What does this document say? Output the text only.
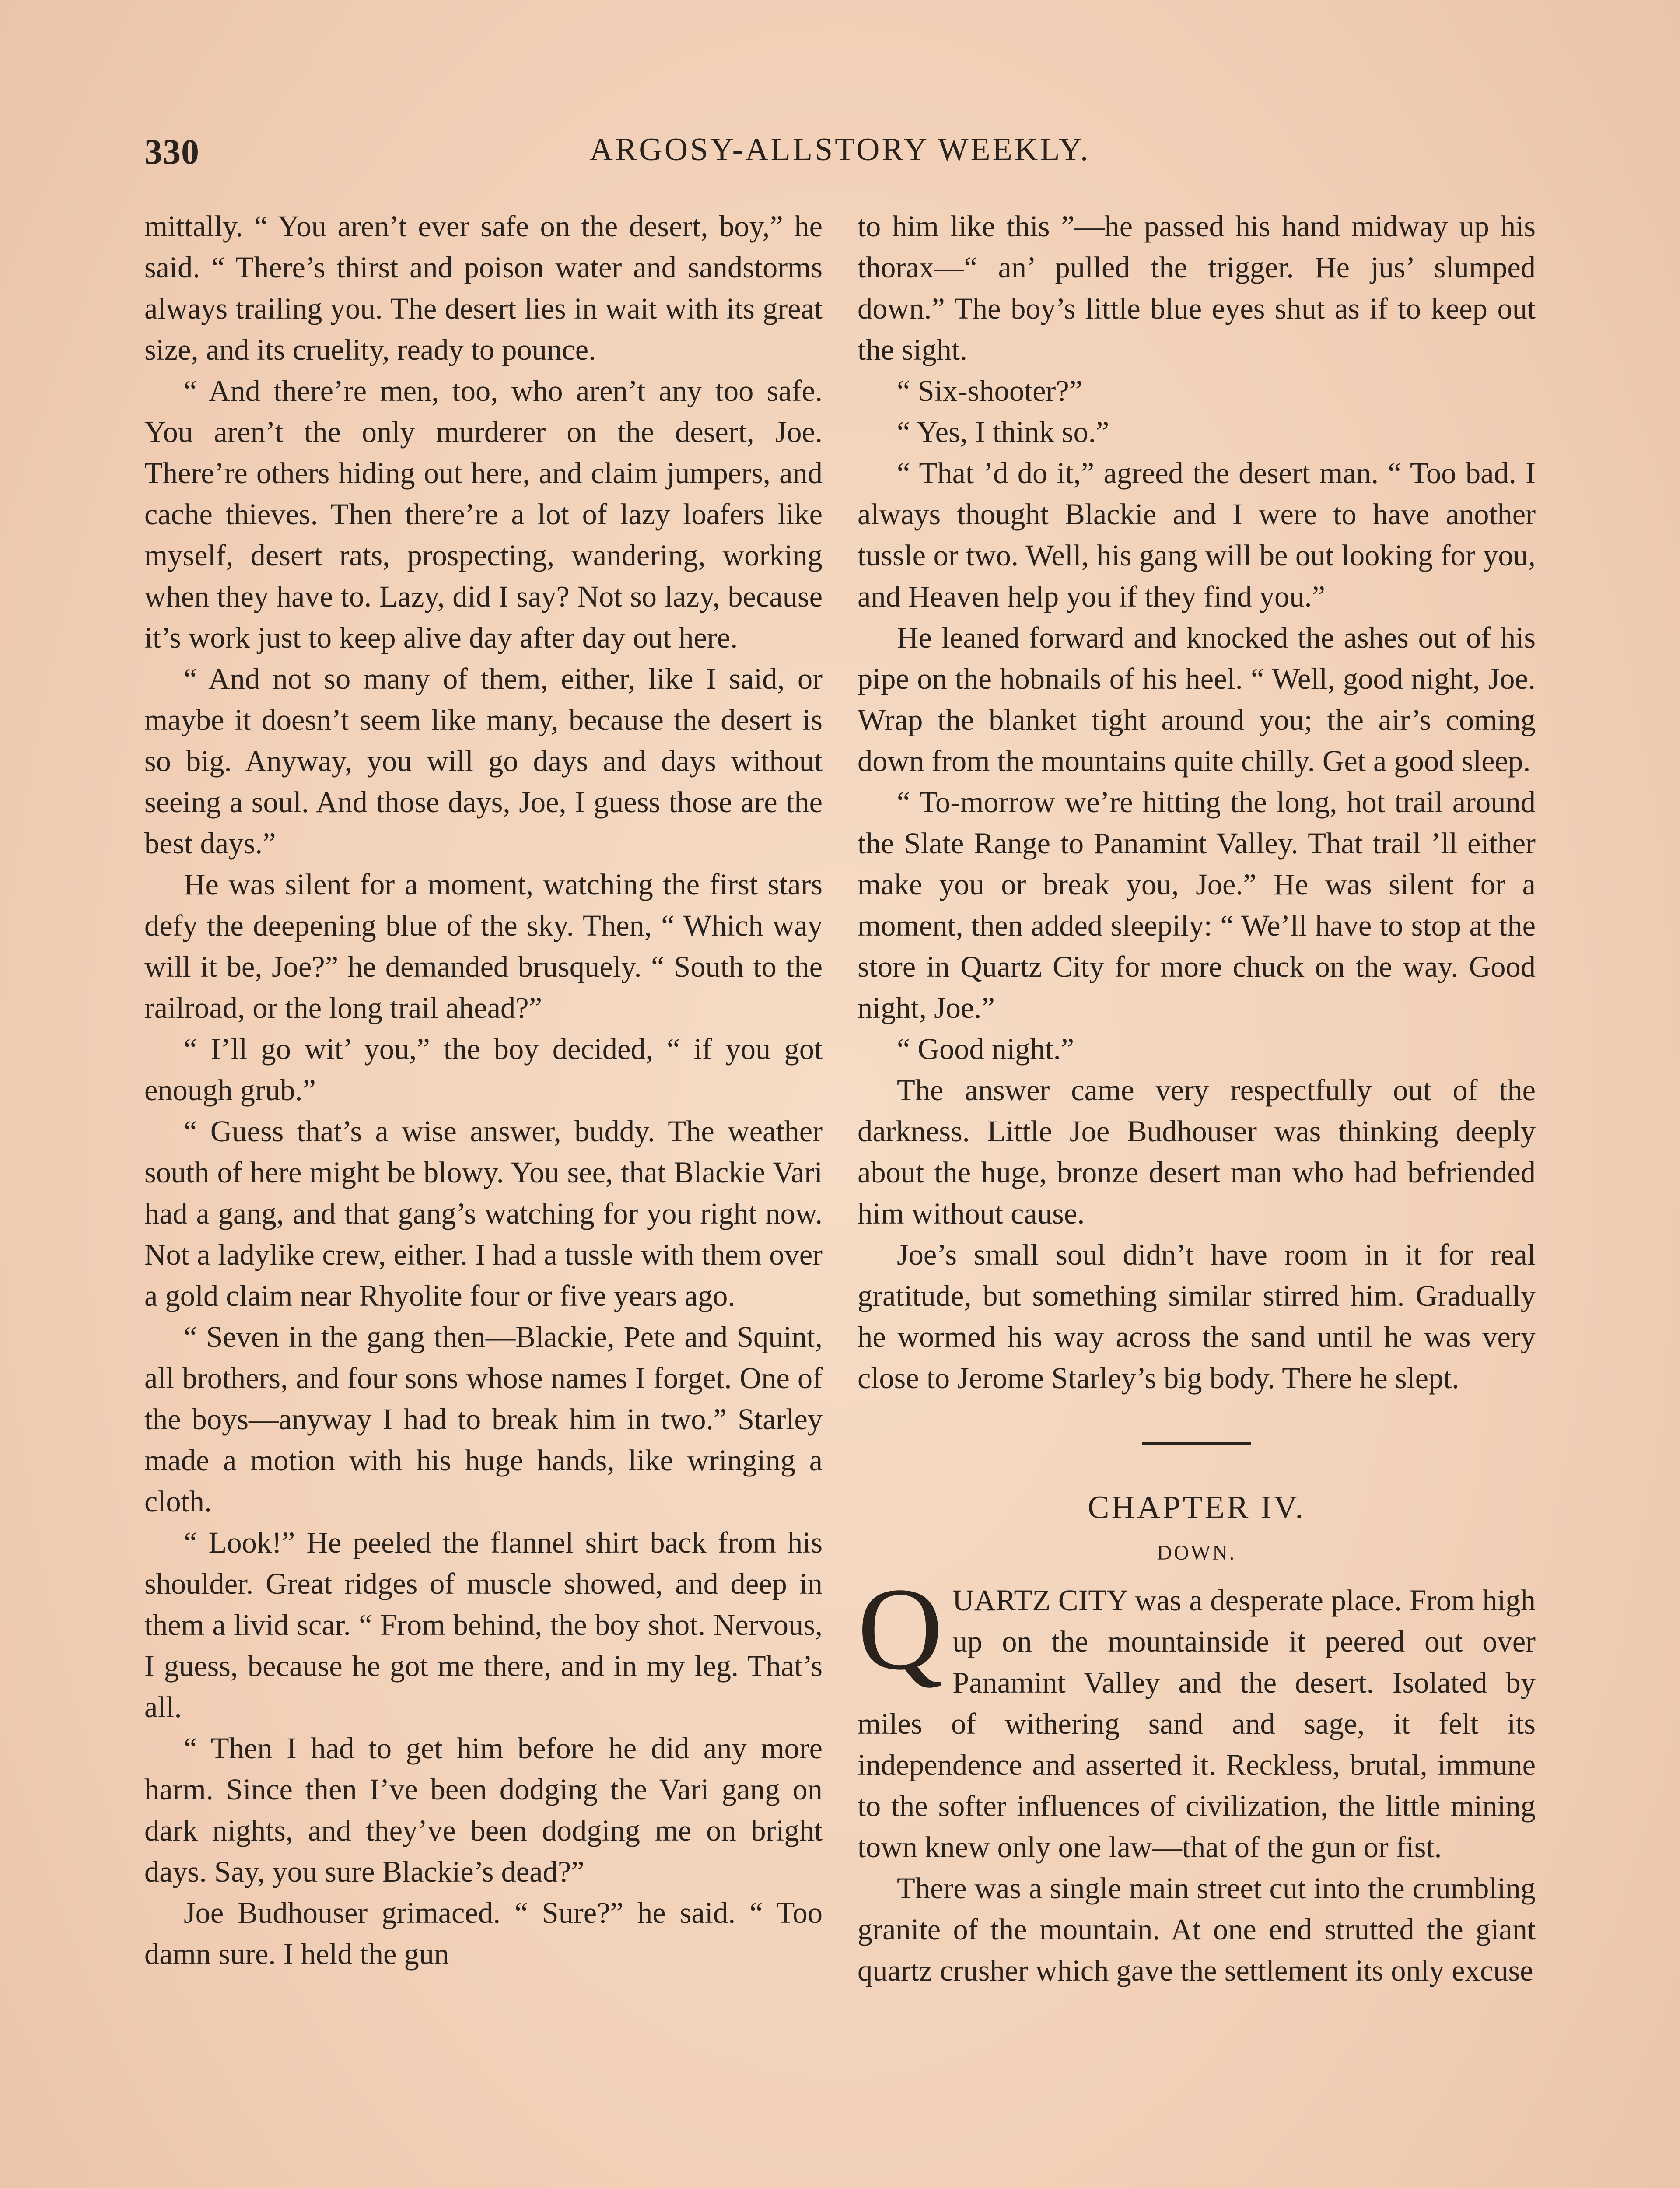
330	ARGOSY-ALLSTORY WEEKLY.

mittally. “ You aren’t ever safe on the desert, boy,” he said. “ There’s thirst and poison water and sandstorms always trailing you. The desert lies in wait with its great size, and its cruelity, ready to pounce.

“ And there’re men, too, who aren’t any too safe. You aren’t the only murderer on the desert, Joe. There’re others hiding out here, and claim jumpers, and cache thieves. Then there’re a lot of lazy loafers like myself, desert rats, prospecting, wandering, working when they have to. Lazy, did I say? Not so lazy, because it’s work just to keep alive day after day out here.

“ And not so many of them, either, like I said, or maybe it doesn’t seem like many, because the desert is so big. Anyway, you will go days and days without seeing a soul. And those days, Joe, I guess those are the best days.”

He was silent for a moment, watching the first stars defy the deepening blue of the sky. Then, “ Which way will it be, Joe?” he demanded brusquely. “ South to the railroad, or the long trail ahead?”

“ I’ll go wit’ you,” the boy decided, “ if you got enough grub.”

“ Guess that’s a wise answer, buddy. The weather south of here might be blowy. You see, that Blackie Vari had a gang, and that gang’s watching for you right now. Not a ladylike crew, either. I had a tussle with them over a gold claim near Rhyolite four or five years ago.

“ Seven in the gang then—Blackie, Pete and Squint, all brothers, and four sons whose names I forget. One of the boys—anyway I had to break him in two.” Starley made a motion with his huge hands, like wringing a cloth.

“ Look!” He peeled the flannel shirt back from his shoulder. Great ridges of muscle showed, and deep in them a livid scar. “ From behind, the boy shot. Nervous, I guess, because he got me there, and in my leg. That’s all.

“ Then I had to get him before he did any more harm. Since then I’ve been dodging the Vari gang on dark nights, and they’ve been dodging me on bright days. Say, you sure Blackie’s dead?”

Joe Budhouser grimaced. “ Sure?” he said. “ Too damn sure. I held the gun

to him like this ”—he passed his hand midway up his thorax—“ an’ pulled the trigger. He jus’ slumped down.” The boy’s little blue eyes shut as if to keep out the sight.

“ Six-shooter?”

“ Yes, I think so.”

“ That ’d do it,” agreed the desert man. “ Too bad. I always thought Blackie and I were to have another tussle or two. Well, his gang will be out looking for you, and Heaven help you if they find you.”

He leaned forward and knocked the ashes out of his pipe on the hobnails of his heel. “ Well, good night, Joe. Wrap the blanket tight around you; the air’s coming down from the mountains quite chilly. Get a good sleep.

“ To-morrow we’re hitting the long, hot trail around the Slate Range to Panamint Valley. That trail ’ll either make you or break you, Joe.” He was silent for a moment, then added sleepily: “ We’ll have to stop at the store in Quartz City for more chuck on the way. Good night, Joe.”

“ Good night.”

The answer came very respectfully out of the darkness. Little Joe Budhouser was thinking deeply about the huge, bronze desert man who had befriended him without cause.

Joe’s small soul didn’t have room in it for real gratitude, but something similar stirred him. Gradually he wormed his way across the sand until he was very close to Jerome Starley’s big body. There he slept.

CHAPTER IV.
DOWN.

QUARTZ CITY was a desperate place. From high up on the mountainside it peered out over Panamint Valley and the desert. Isolated by miles of withering sand and sage, it felt its independence and asserted it. Reckless, brutal, immune to the softer influences of civilization, the little mining town knew only one law—that of the gun or fist.

There was a single main street cut into the crumbling granite of the mountain. At one end strutted the giant quartz crusher which gave the settlement its only excuse
